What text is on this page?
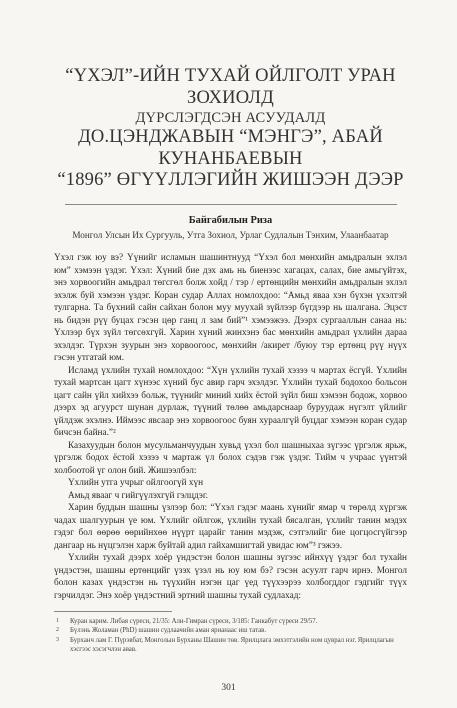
“ҮХЭЛ”-ИЙН ТУХАЙ ОЙЛГОЛТ УРАН ЗОХИОЛД
ДҮРСЛЭГДСЭН АСУУДАЛД
ДО.ЦЭНДЖАВЫН “МЭНГЭ”, АБАЙ КУНАНБАЕВЫН
“1896” ӨГҮҮЛЛЭГИЙН ЖИШЭЭН ДЭЭР
Байгабилын Риза
Монгол Улсын Их Сургууль, Утга Зохиол, Урлаг Судлалын Тэнхим, Улаанбаатар

Үхэл гэж юу вэ? Үүнийг исламын шашинтнууд “Үхэл бол мөнхийн амьдралын эхлэл юм” хэмээн үздэг. Үхэл: Хүний бие дэх амь нь биенээс хагацах, салах, бие амьгүйтэх, энэ хорвоогийн амьдрал төгсгөл болж хойд / тэр / ертөнцийн мөнхийн амьдралын эхлэл эхэлж буй хэмээн үздэг. Коран судар Аллах номлохдоо: “Амьд яваа хэн бүхэн үхэлтэй тулгарна. Та бүхний сайн сайхан болон муу муухай зүйлээр бүгдээр нь шалгана. Эцэст нь бидэн рүү буцах гэсэн цөр ганц л зам бий”¹ хэмээжээ. Дээрх сургааллын санаа нь: Үхлээр бүх зүйл төгсөхгүй. Харин хүний жинхэнэ бас мөнхийн амьдрал үхлийн дараа эхэлдэг. Түрхэн зуурын энэ хорвоогоос, мөнхийн /акирет /буюу тэр ертөнц рүү нүүх гэсэн утгатай юм.

Исламд үхлийн тухай номлохдоо: “Хүн үхлийн тухай хэзээ ч мартах ёсгүй. Үхлийн тухай мартсан цагт хүнээс хүний бус авир гарч эхэлдэг. Үхлийн тухай бодохоо больсон цагт сайн үйл хийхээ больж, түүнийг миний хийх ёстой зүйл биш хэмээн бодож, хорвоо дээрх эд агуурст шунан дурлаж, түүний төлөө амьдарснаар буруудаж нүгэлт үйлийг үйлдэж эхэлнэ. Иймээс явсаар энэ хорвоогоос буян хураалгүй буцдаг хэмээн коран судар бичсэн байна.”²

Казахуудын болон мусульманчуудын хувьд үхэл бол шашныхаа зүгээс үргэлж ярьж, үргэлж бодох ёстой хэзээ ч мартаж үл болох сэдэв гэж үздэг. Тийм ч учраас үүнтэй холбоотой үг олон бий. Жишээлбэл:

Үхлийн утга учрыг ойлгоогүй хүн

Амьд явааг ч гийгүүлэхгүй гэлцдэг.

Харин буддын шашны үзлээр бол: “Үхэл гэдэг маань хүнийг ямар ч төрөлд хүргэж чадах шалгуурын үе юм. Үхлийг ойлгож, үхлийн тухай бясалган, үхлийг танин мэдэх гэдэг бол өөрөө өөрийнхөө нүүрт царайг танин мэдэж, сэтгэлийг бие цогцосгүйгээр дангаар нь нүцгэлэн харж буйтай адил гайхамшигтай увидас юм”³ гэжээ.

Үхлийн тухай дээрх хоёр үндэстэн болон шашны зүгээс ийнхүү үздэг бол тухайн үндэстэн, шашны ертөнцийг үзэх үзэл нь юу юм бэ? гэсэн асуулт гарч ирнэ. Монгол болон казах үндэстэн нь түүхийн нэгэн цаг үед түүхээрээ холбогддог гэдгийг түүх гэрчилдэг. Энэ хоёр үндэстний эртний шашны тухай судлахад:

1	Куран карим. Либая сүрeси, 21/35: Али-Гимран сүрeси, 3/185: Ганкабут сүрeси 29/57.
2	Бүлэнь Жоламан (PhD) шашин судлаачийн аман ярианаас иш татав.
3	Бурханч лам Г. Пүрэвбат, Монголын Бурханы Шашин төв. Ярилцлага эмхэтгэлийн ном цуврал нэг. Ярилцлагын хэсгээс хэсэгчлэн авав.
301
